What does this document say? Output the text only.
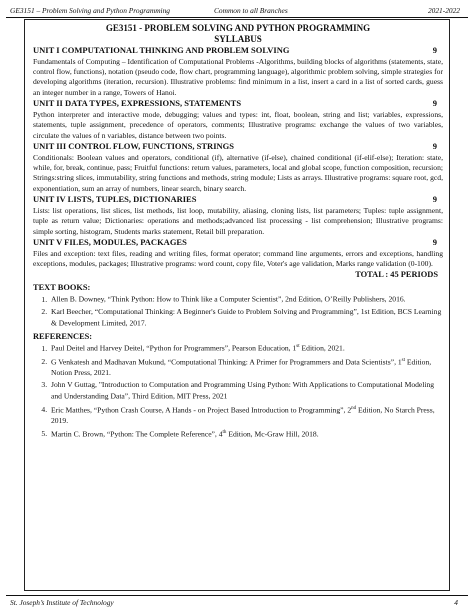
GE3151 – Problem Solving and Python Programming	Common to all Branches	2021-2022
GE3151 - PROBLEM SOLVING AND PYTHON PROGRAMMING
SYLLABUS
UNIT I COMPUTATIONAL THINKING AND PROBLEM SOLVING	9

Fundamentals of Computing – Identification of Computational Problems -Algorithms, building blocks of algorithms (statements, state, control flow, functions), notation (pseudo code, flow chart, programming language), algorithmic problem solving, simple strategies for developing algorithms (iteration, recursion). Illustrative problems: find minimum in a list, insert a card in a list of sorted cards, guess an integer number in a range, Towers of Hanoi.

UNIT II DATA TYPES, EXPRESSIONS, STATEMENTS	9

Python interpreter and interactive mode, debugging; values and types: int, float, boolean, string and list; variables, expressions, statements, tuple assignment, precedence of operators, comments; Illustrative programs: exchange the values of two variables, circulate the values of n variables, distance between two points.

UNIT III CONTROL FLOW, FUNCTIONS, STRINGS	9

Conditionals: Boolean values and operators, conditional (if), alternative (if-else), chained conditional (if-elif-else); Iteration: state, while, for, break, continue, pass; Fruitful functions: return values, parameters, local and global scope, function composition, recursion; Strings:string slices, immutability, string functions and methods, string module; Lists as arrays. Illustrative programs: square root, gcd, exponentiation, sum an array of numbers, linear search, binary search.

UNIT IV LISTS, TUPLES, DICTIONARIES	9

Lists: list operations, list slices, list methods, list loop, mutability, aliasing, cloning lists, list parameters; Tuples: tuple assignment, tuple as return value; Dictionaries: operations and methods;advanced list processing - list comprehension; Illustrative programs: simple sorting, histogram, Students marks statement, Retail bill preparation.

UNIT V FILES, MODULES, PACKAGES	9

Files and exception: text files, reading and writing files, format operator; command line arguments, errors and exceptions, handling exceptions, modules, packages; Illustrative programs: word count, copy file, Voter's age validation, Marks range validation (0-100).

TOTAL : 45 PERIODS
TEXT BOOKS:
1. Allen B. Downey, “Think Python: How to Think like a Computer Scientist”, 2nd Edition, O’Reilly Publishers, 2016.
2. Karl Beecher, “Computational Thinking: A Beginner's Guide to Problem Solving and Programming”, 1st Edition, BCS Learning & Development Limited, 2017.
REFERENCES:
1. Paul Deitel and Harvey Deitel, “Python for Programmers”, Pearson Education, 1st Edition, 2021.
2. G Venkatesh and Madhavan Mukund, “Computational Thinking: A Primer for Programmers and Data Scientists”, 1st Edition, Notion Press, 2021.
3. John V Guttag, "Introduction to Computation and Programming Using Python: With Applications to Computational Modeling and Understanding Data”, Third Edition, MIT Press, 2021
4. Eric Matthes, “Python Crash Course, A Hands - on Project Based Introduction to Programming”, 2nd Edition, No Starch Press, 2019.
5. Martin C. Brown, “Python: The Complete Reference”, 4th Edition, Mc-Graw Hill, 2018.
St. Joseph’s Institute of Technology	4
